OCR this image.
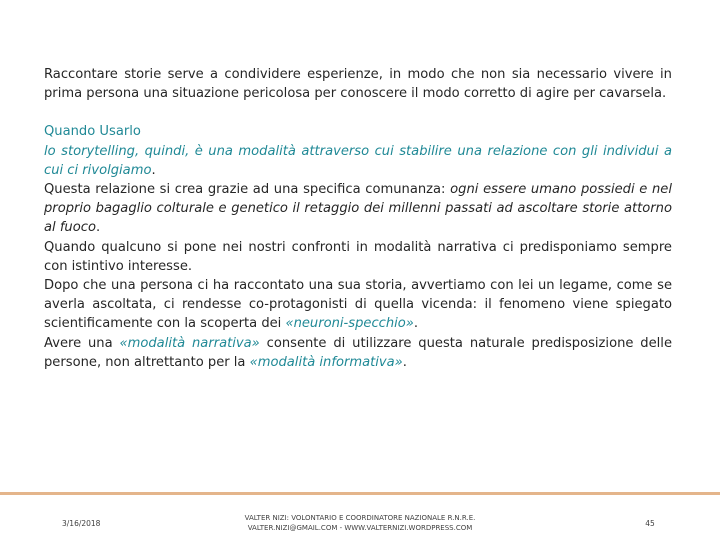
Raccontare storie serve a condividere esperienze, in modo che non sia necessario vivere in prima persona una situazione pericolosa per conoscere il modo corretto di agire per cavarsela.

Quando Usarlo

lo storytelling, quindi, è una modalità attraverso cui stabilire una relazione con gli individui a cui ci rivolgiamo.

Questa relazione si crea grazie ad una specifica comunanza: ogni essere umano possiedi e nel proprio bagaglio colturale e genetico il retaggio dei millenni passati ad ascoltare storie attorno al fuoco.

Quando qualcuno si pone nei nostri confronti in modalità narrativa ci predisponiamo sempre con istintivo interesse.

Dopo che una persona ci ha raccontato una sua storia, avvertiamo con lei un legame, come se averla ascoltata, ci rendesse co-protagonisti di quella vicenda: il fenomeno viene spiegato scientificamente con la scoperta dei «neuroni-specchio».

Avere una «modalità narrativa» consente di utilizzare questa naturale predisposizione delle persone, non altrettanto per la «modalità informativa».

3/16/2018
VALTER NIZI: VOLONTARIO E COORDINATORE NAZIONALE R.N.R.E.
VALTER.NIZI@GMAIL.COM - WWW.VALTERNIZI.WORDPRESS.COM	45
